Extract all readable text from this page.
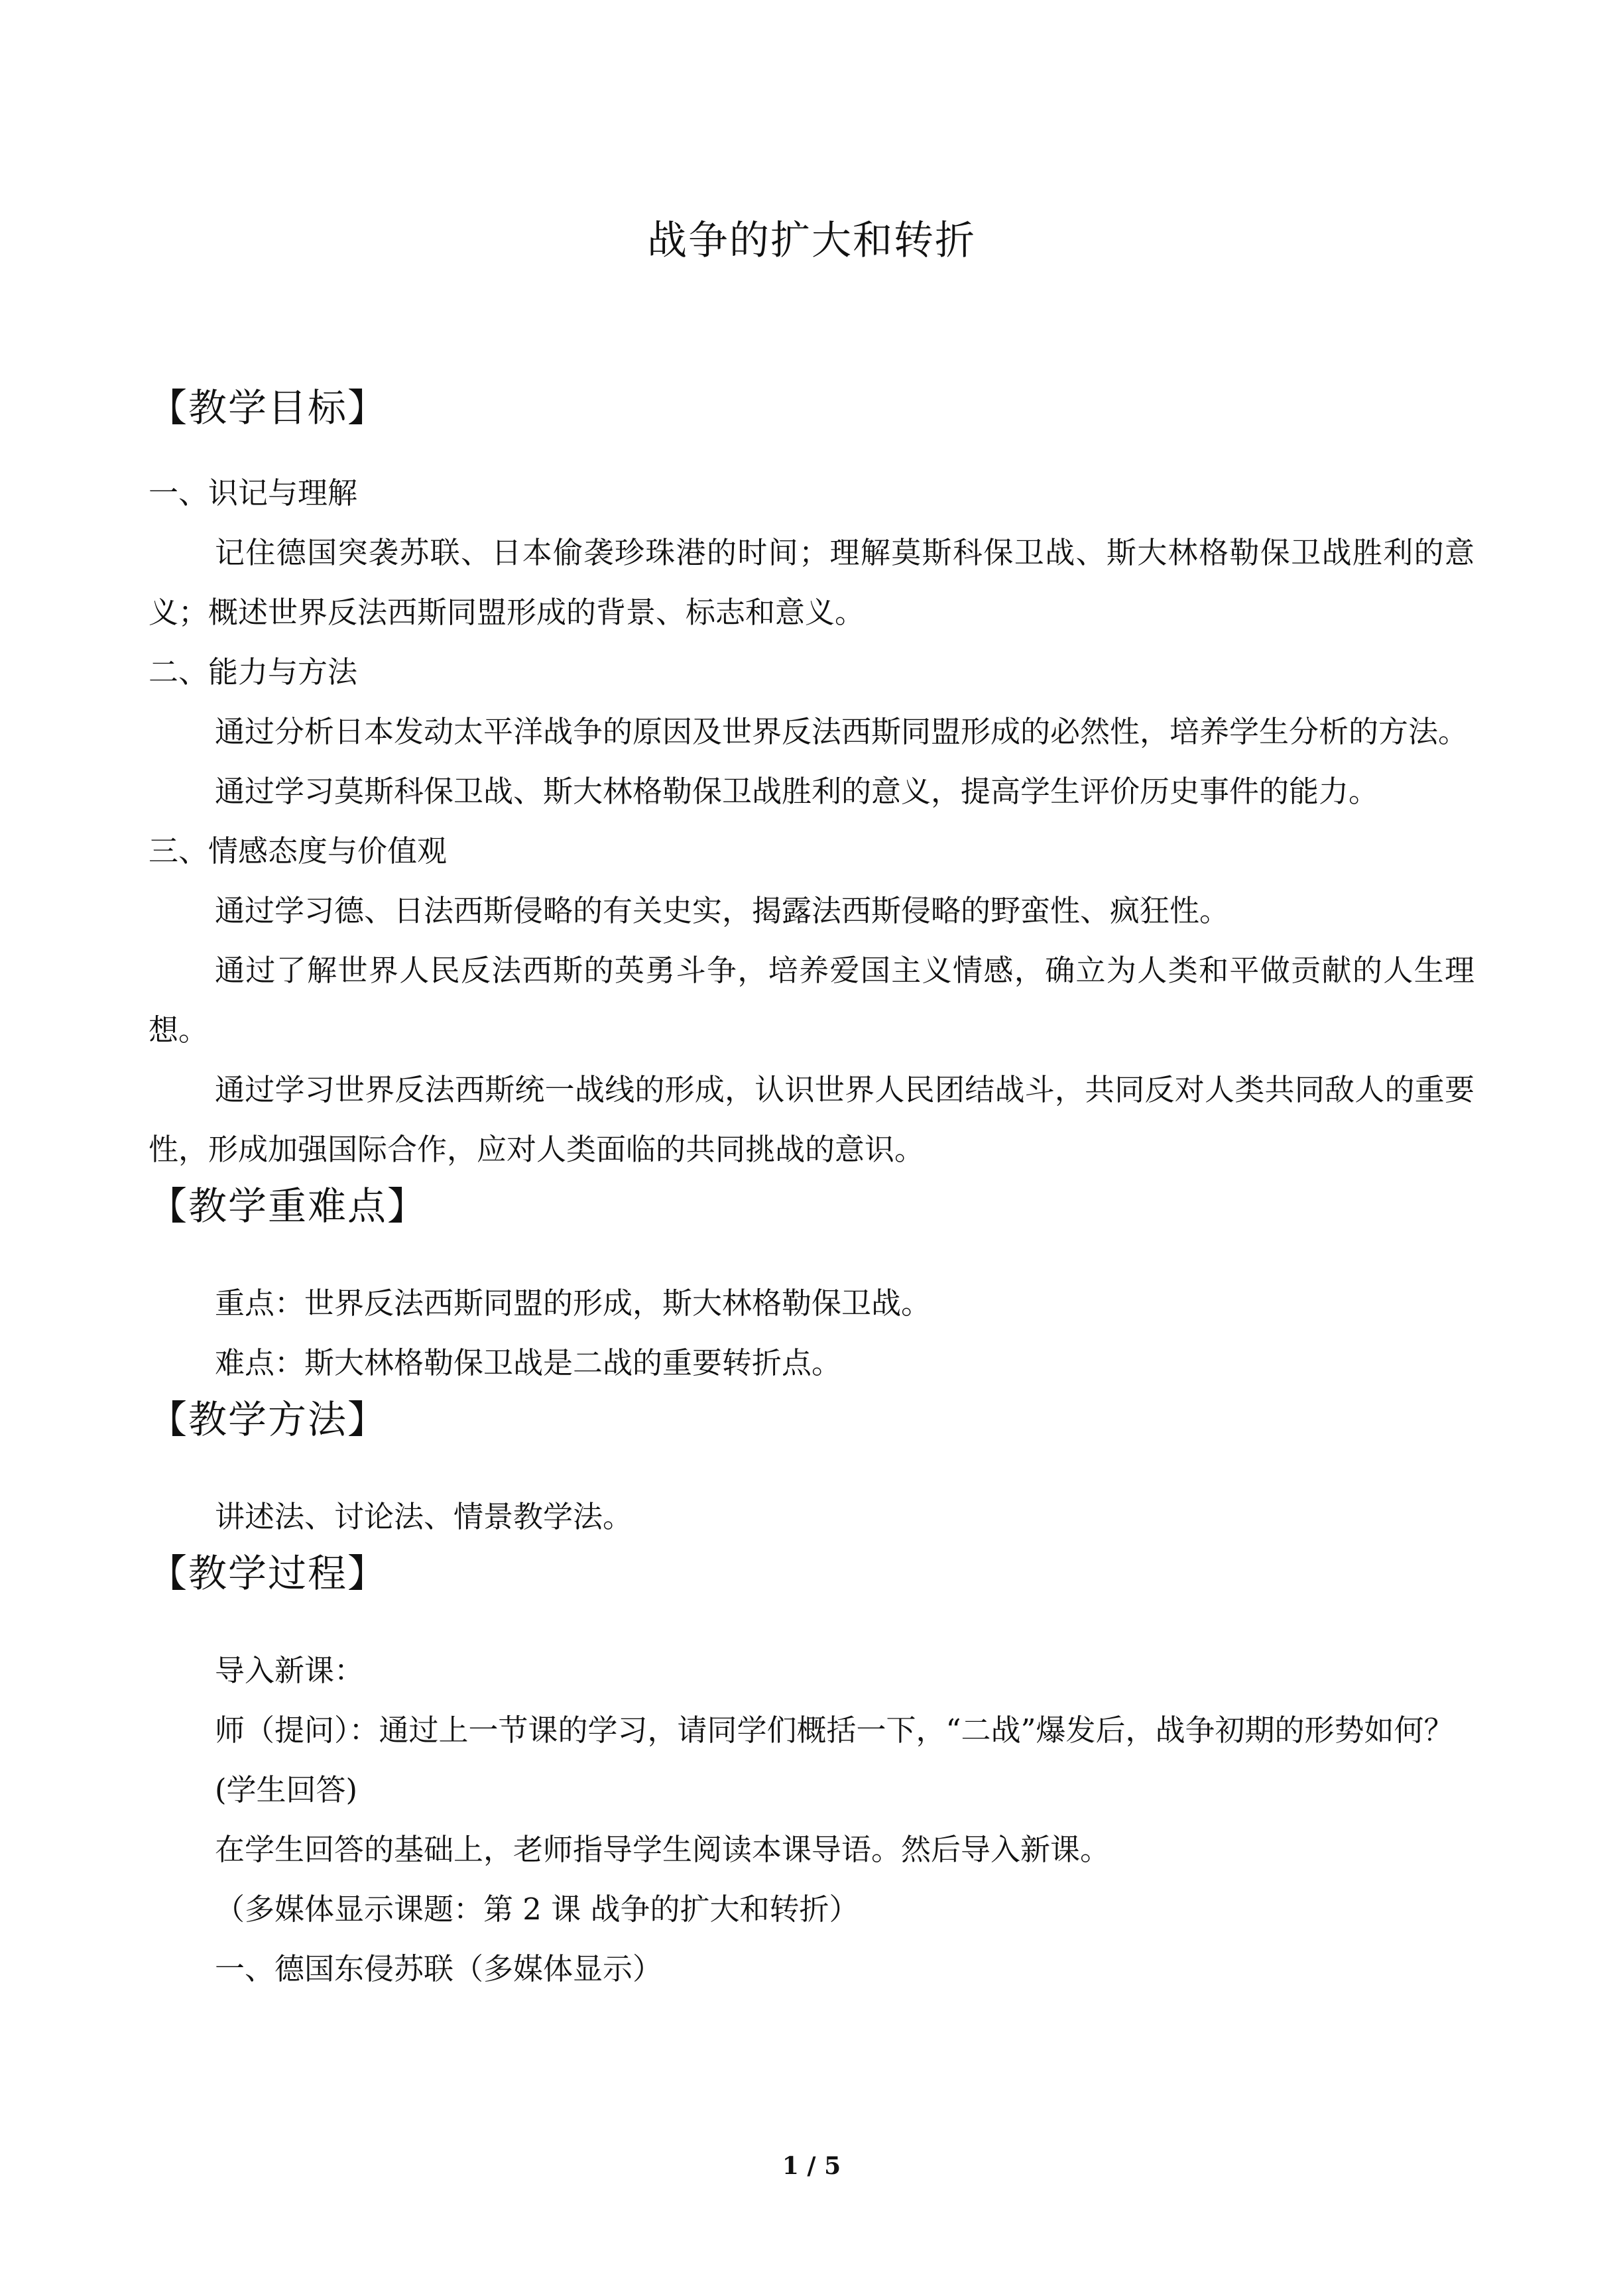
战争的扩大和转折
【教学目标】
一、识记与理解
记住德国突袭苏联、日本偷袭珍珠港的时间；理解莫斯科保卫战、斯大林格勒保卫战胜利的意义；概述世界反法西斯同盟形成的背景、标志和意义。
二、能力与方法
通过分析日本发动太平洋战争的原因及世界反法西斯同盟形成的必然性，培养学生分析的方法。
通过学习莫斯科保卫战、斯大林格勒保卫战胜利的意义，提高学生评价历史事件的能力。
三、情感态度与价值观
通过学习德、日法西斯侵略的有关史实，揭露法西斯侵略的野蛮性、疯狂性。
通过了解世界人民反法西斯的英勇斗争，培养爱国主义情感，确立为人类和平做贡献的人生理想。
通过学习世界反法西斯统一战线的形成，认识世界人民团结战斗，共同反对人类共同敌人的重要性，形成加强国际合作，应对人类面临的共同挑战的意识。
【教学重难点】
重点：世界反法西斯同盟的形成，斯大林格勒保卫战。
难点：斯大林格勒保卫战是二战的重要转折点。
【教学方法】
讲述法、讨论法、情景教学法。
【教学过程】
导入新课：
师（提问）：通过上一节课的学习，请同学们概括一下，“二战”爆发后，战争初期的形势如何？
(学生回答)
在学生回答的基础上，老师指导学生阅读本课导语。然后导入新课。
（多媒体显示课题：第 2 课 战争的扩大和转折）
一、德国东侵苏联（多媒体显示）
1 / 5
